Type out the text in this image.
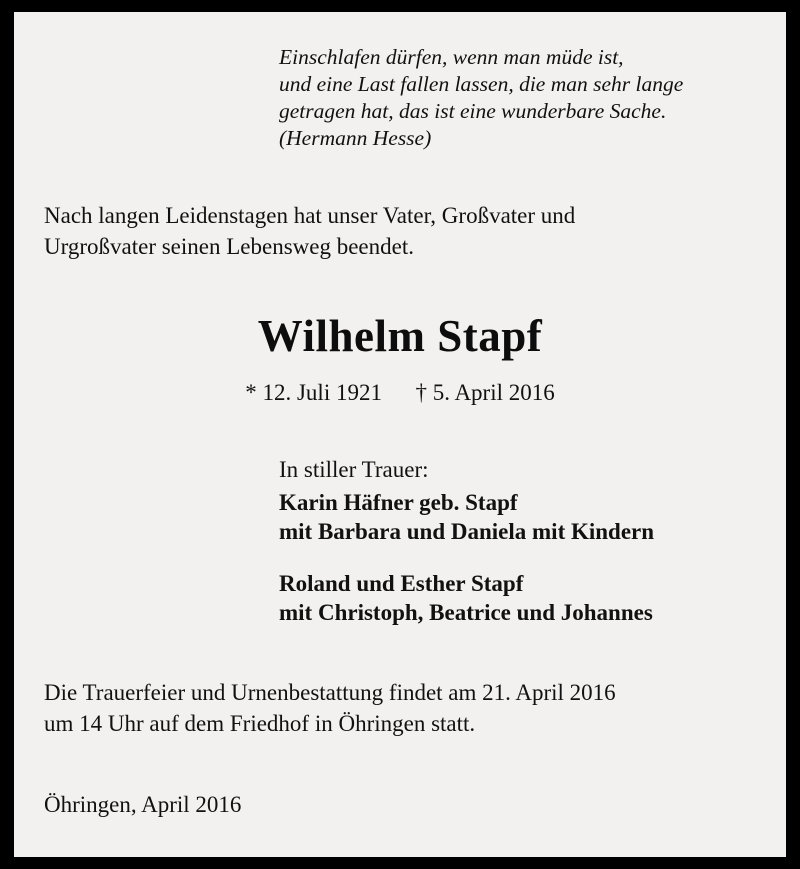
Einschlafen dürfen, wenn man müde ist,
und eine Last fallen lassen, die man sehr lange
getragen hat, das ist eine wunderbare Sache.
(Hermann Hesse)
Nach langen Leidenstagen hat unser Vater, Großvater und
Urgroßvater seinen Lebensweg beendet.
Wilhelm Stapf
* 12. Juli 1921 † 5. April 2016
In stiller Trauer:
Karin Häfner geb. Stapf
mit Barbara und Daniela mit Kindern
Roland und Esther Stapf
mit Christoph, Beatrice und Johannes
Die Trauerfeier und Urnenbestattung findet am 21. April 2016
um 14 Uhr auf dem Friedhof in Öhringen statt.
Öhringen, April 2016
